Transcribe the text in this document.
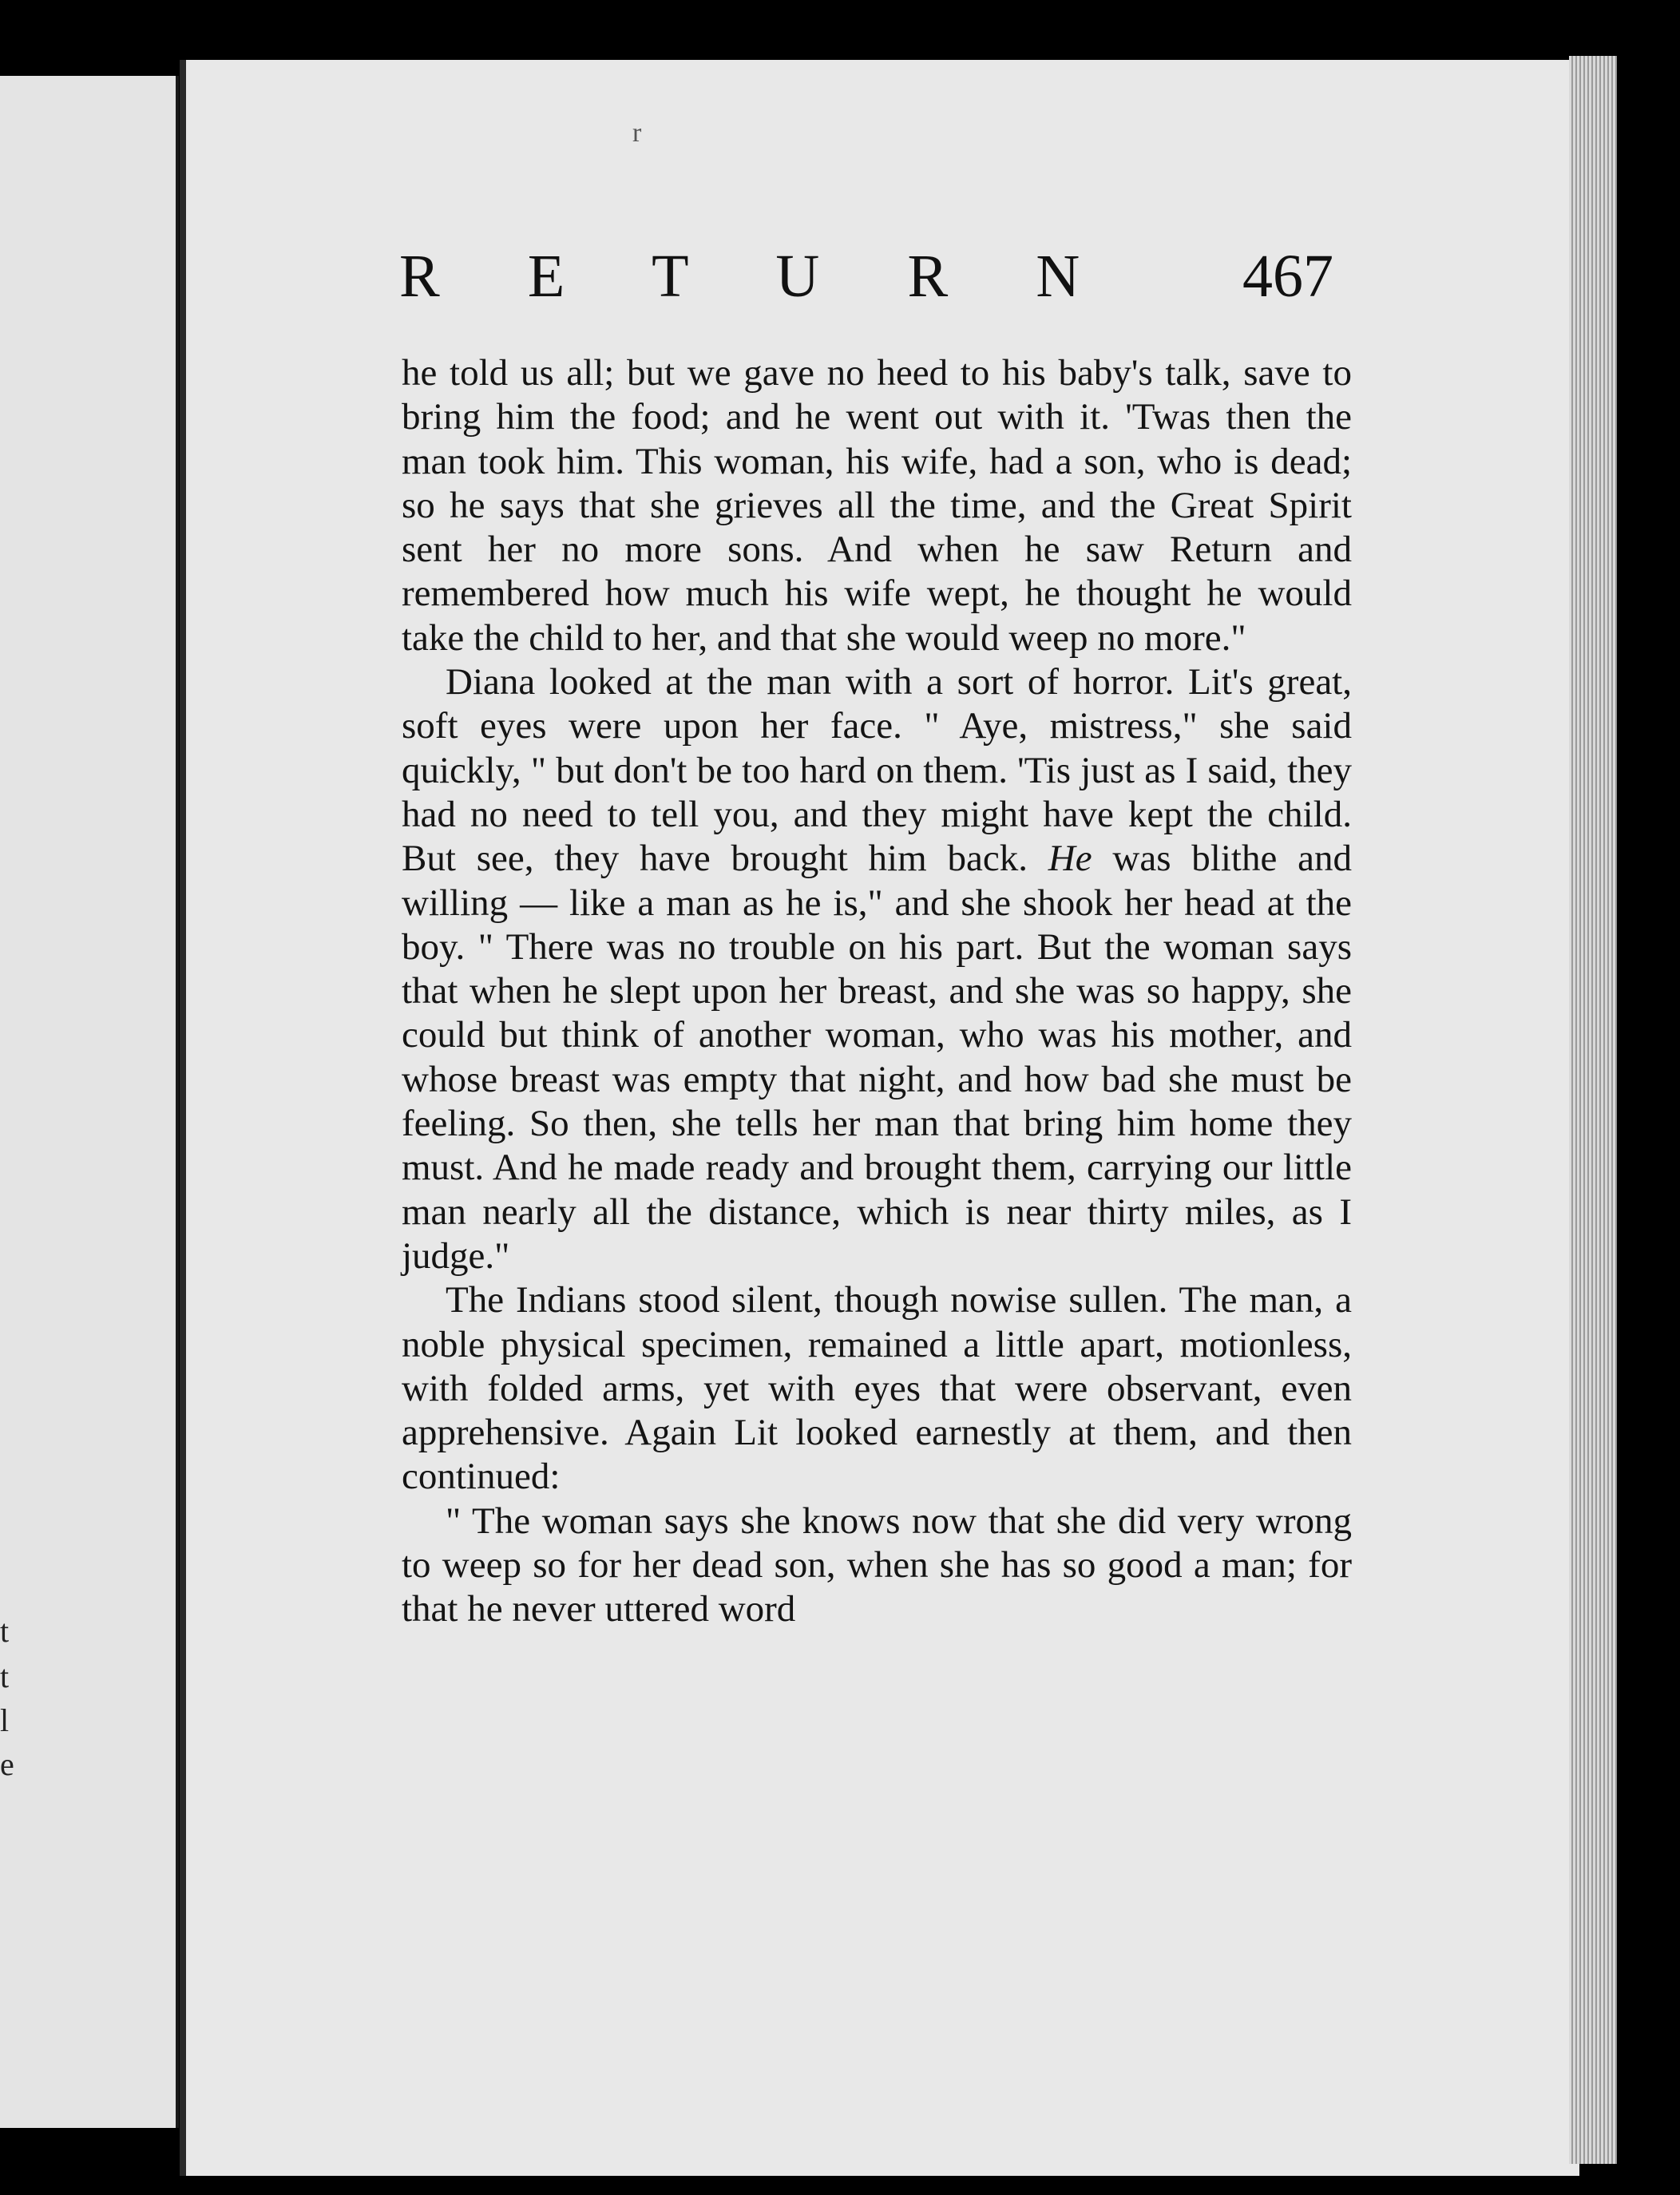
t
t
l
e
r
R E T U R N 467

he told us all; but we gave no heed to his baby's talk, save to bring him the food; and he went out with it. 'Twas then the man took him. This woman, his wife, had a son, who is dead; so he says that she grieves all the time, and the Great Spirit sent her no more sons. And when he saw Return and remembered how much his wife wept, he thought he would take the child to her, and that she would weep no more."

Diana looked at the man with a sort of horror. Lit's great, soft eyes were upon her face. " Aye, mistress," she said quickly, " but don't be too hard on them. 'Tis just as I said, they had no need to tell you, and they might have kept the child. But see, they have brought him back. He was blithe and willing — like a man as he is," and she shook her head at the boy. " There was no trouble on his part. But the woman says that when he slept upon her breast, and she was so happy, she could but think of another woman, who was his mother, and whose breast was empty that night, and how bad she must be feeling. So then, she tells her man that bring him home they must. And he made ready and brought them, carrying our little man nearly all the distance, which is near thirty miles, as I judge."

The Indians stood silent, though nowise sullen. The man, a noble physical specimen, remained a little apart, motionless, with folded arms, yet with eyes that were observant, even apprehensive. Again Lit looked earnestly at them, and then continued:

" The woman says she knows now that she did very wrong to weep so for her dead son, when she has so good a man; for that he never uttered word
